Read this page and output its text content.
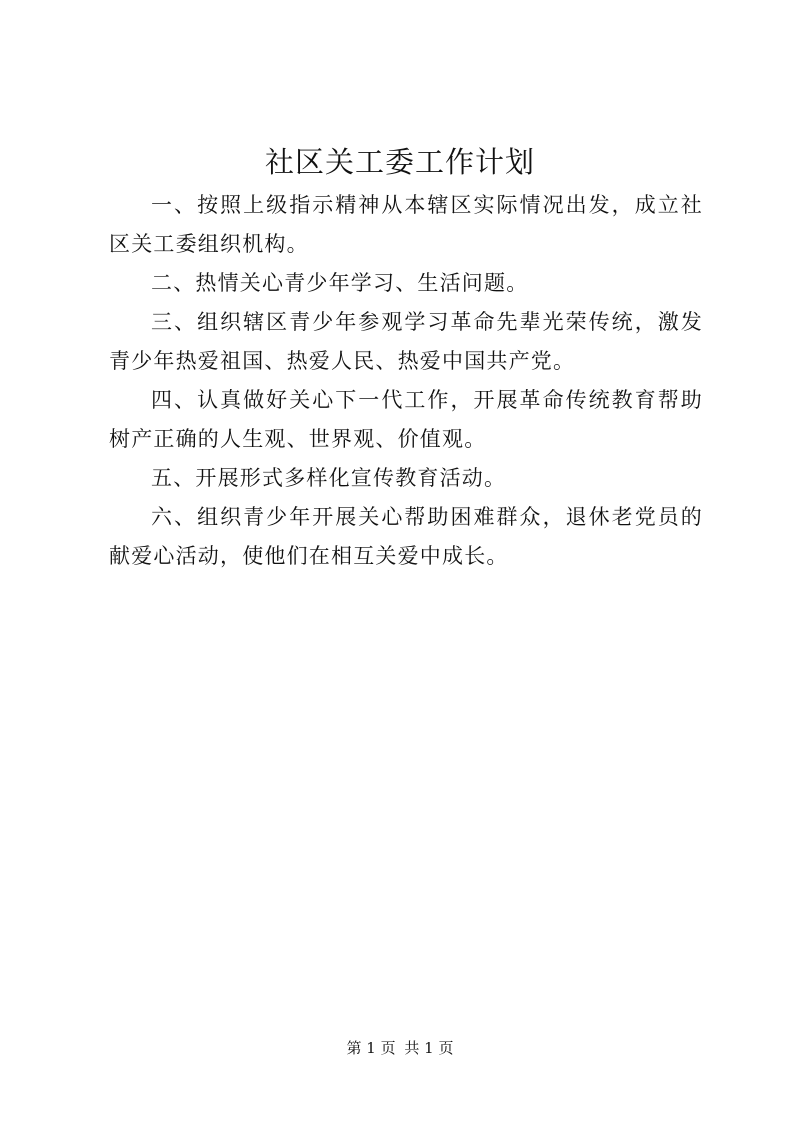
社区关工委工作计划

一、按照上级指示精神从本辖区实际情况出发，成立社区关工委组织机构。

二、热情关心青少年学习、生活问题。

三、组织辖区青少年参观学习革命先辈光荣传统，激发青少年热爱祖国、热爱人民、热爱中国共产党。

四、认真做好关心下一代工作，开展革命传统教育帮助树产正确的人生观、世界观、价值观。

五、开展形式多样化宣传教育活动。

六、组织青少年开展关心帮助困难群众，退休老党员的献爱心活动，使他们在相互关爱中成长。

第 1 页 共 1 页
